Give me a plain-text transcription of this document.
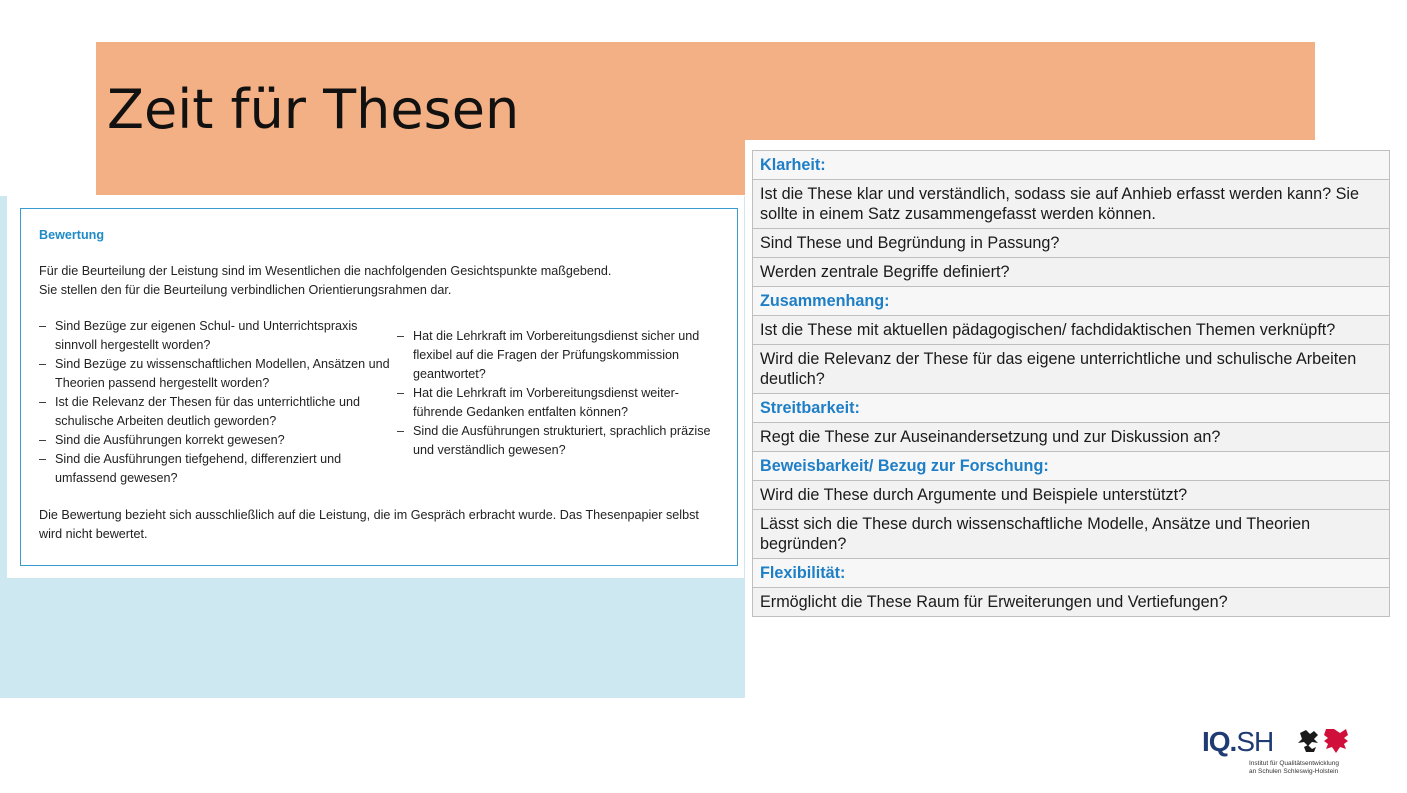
Zeit für Thesen
Bewertung
Für die Beurteilung der Leistung sind im Wesentlichen die nachfolgenden Gesichtspunkte maßgebend.
Sie stellen den für die Beurteilung verbindlichen Orientierungsrahmen dar.
– Sind Bezüge zur eigenen Schul- und Unterrichtspraxis sinnvoll hergestellt worden?
– Sind Bezüge zu wissenschaftlichen Modellen, Ansätzen und Theorien passend hergestellt worden?
– Ist die Relevanz der Thesen für das unterrichtliche und schulische Arbeiten deutlich geworden?
– Sind die Ausführungen korrekt gewesen?
– Sind die Ausführungen tiefgehend, differenziert und umfassend gewesen?
– Hat die Lehrkraft im Vorbereitungsdienst sicher und flexibel auf die Fragen der Prüfungskommission geantwortet?
– Hat die Lehrkraft im Vorbereitungsdienst weiter-führende Gedanken entfalten können?
– Sind die Ausführungen strukturiert, sprachlich präzise und verständlich gewesen?
Die Bewertung bezieht sich ausschließlich auf die Leistung, die im Gespräch erbracht wurde. Das Thesenpapier selbst wird nicht bewertet.
Klarheit:
Ist die These klar und verständlich, sodass sie auf Anhieb erfasst werden kann? Sie sollte in einem Satz zusammengefasst werden können.
Sind These und Begründung in Passung?
Werden zentrale Begriffe definiert?
Zusammenhang:
Ist die These mit aktuellen pädagogischen/ fachdidaktischen Themen verknüpft?
Wird die Relevanz der These für das eigene unterrichtliche und schulische Arbeiten deutlich?
Streitbarkeit:
Regt die These zur Auseinandersetzung und zur Diskussion an?
Beweisbarkeit/ Bezug zur Forschung:
Wird die These durch Argumente und Beispiele unterstützt?
Lässt sich die These durch wissenschaftliche Modelle, Ansätze und Theorien begründen?
Flexibilität:
Ermöglicht die These Raum für Erweiterungen und Vertiefungen?
IQ.SH
Institut für Qualitätsentwicklung
an Schulen Schleswig-Holstein
